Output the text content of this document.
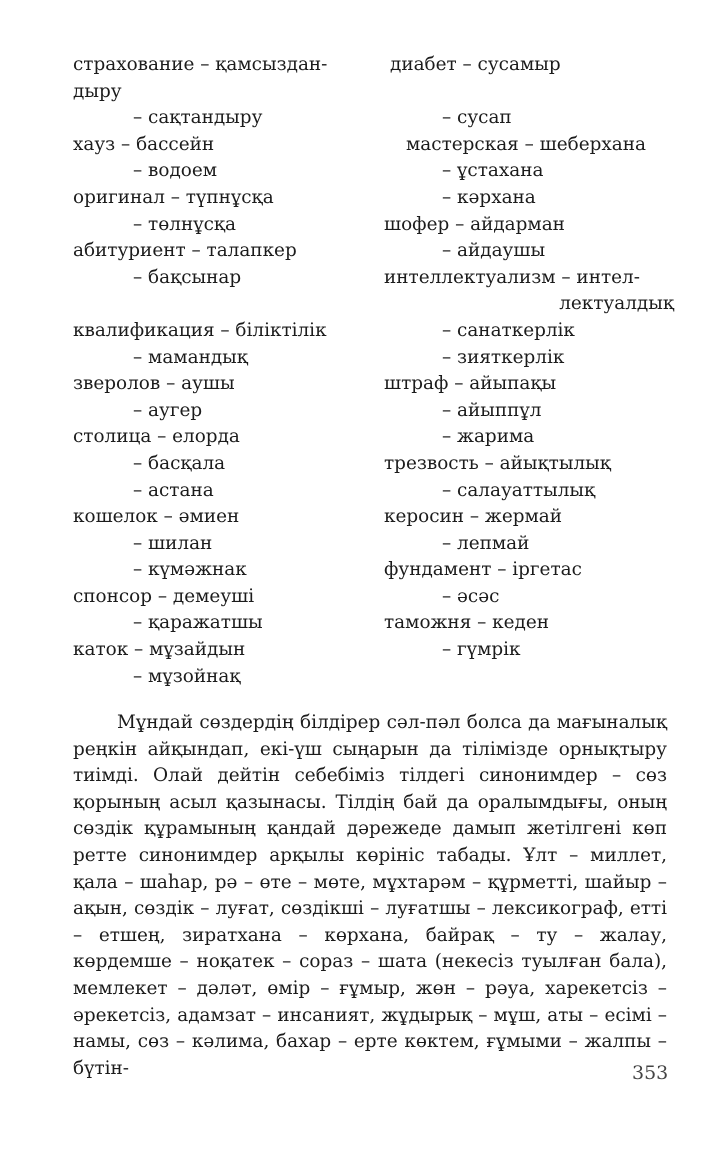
страхование – қамсыздан-
дыру
– сақтандыру
хауз – бассейн
– водоем
оригинал – түпнұсқа
– төлнұсқа
абитуриент – талапкер
– бақсынар
квалификация – біліктілік
– мамандық
зверолов – аушы
– аугер
столица – елорда
– басқала
– астана
кошелок – әмиен
– шилан
– күмәжнак
спонсор – демеуші
– қаражатшы
каток – мұзайдын
– мұзойнақ
диабет – сусамыр
– сусап
мастерская – шеберхана
– ұстахана
– кәрхана
шофер – айдарман
– айдаушы
интеллектуализм – интел-
лектуалдық
– санаткерлік
– зияткерлік
штраф – айыпақы
– айыппұл
– жарима
трезвость – айықтылық
– салауаттылық
керосин – жермай
– лепмай
фундамент – іргетас
– әсәс
таможня – кеден
– гүмрік

Мұндай сөздердің білдірер сәл-пәл болса да мағыналық реңкін айқындап, екі-үш сыңарын да тілімізде орнықтыру тиімді. Олай дейтін себебіміз тілдегі синонимдер – сөз қорының асыл қазынасы. Тілдің бай да оралымдығы, оның сөздік құрамының қандай дәрежеде дамып жетілгені көп ретте синонимдер арқылы көрініс табады. Ұлт – миллет, қала – шаһар, рә – өте – мөте, мұхтарәм – құрметті, шайыр – ақын, сөздік – луғат, сөздікші – луғатшы – лексикограф, етті – етшең, зиратхана – көрхана, байрақ – ту – жалау, көрдемше – ноқатек – сораз – шата (некесіз туылған бала), мемлекет – дәләт, өмір – ғұмыр, жөн – рәуа, харекетсіз – әрекетсіз, адамзат – инсаният, жұдырық – мұш, аты – есімі – намы, сөз – кәлима, бахар – ерте көктем, ғұмыми – жалпы – бүтін-	353
